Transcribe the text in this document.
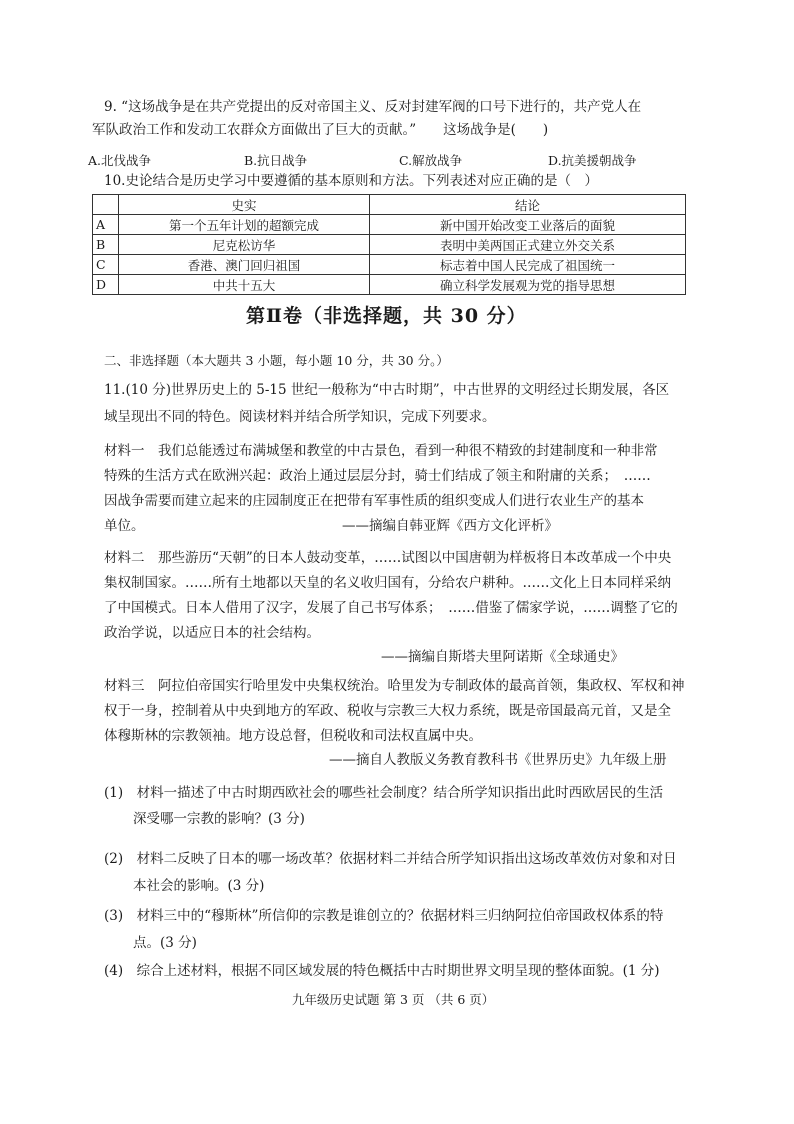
9. “这场战争是在共产党提出的反对帝国主义、反对封建军阀的口号下进行的，共产党人在
军队政治工作和发动工农群众方面做出了巨大的贡献。”　　这场战争是(　　)
A.北伐战争	B.抗日战争	C.解放战争	D.抗美援朝战争
10.史论结合是历史学习中要遵循的基本原则和方法。下列表述对应正确的是（　）
	史实	结论
A	第一个五年计划的超额完成	新中国开始改变工业落后的面貌
B	尼克松访华	表明中美两国正式建立外交关系
C	香港、澳门回归祖国	标志着中国人民完成了祖国统一
D	中共十五大	确立科学发展观为党的指导思想
第Ⅱ卷（非选择题，共 30 分）
二、非选择题（本大题共 3 小题，每小题 10 分，共 30 分。）
11.(10 分)世界历史上的 5-15 世纪一般称为“中古时期”，中古世界的文明经过长期发展，各区
域呈现出不同的特色。阅读材料并结合所学知识，完成下列要求。
材料一　我们总能透过布满城堡和教堂的中古景色，看到一种很不精致的封建制度和一种非常
特殊的生活方式在欧洲兴起：政治上通过层层分封，骑士们结成了领主和附庸的关系；　……
因战争需要而建立起来的庄园制度正在把带有军事性质的组织变成人们进行农业生产的基本
单位。	——摘编自韩亚辉《西方文化评析》
材料二　那些游历“天朝”的日本人鼓动变革，……试图以中国唐朝为样板将日本改革成一个中央
集权制国家。……所有土地都以天皇的名义收归国有，分给农户耕种。……文化上日本同样采纳
了中国模式。日本人借用了汉字，发展了自己书写体系；　……借鉴了儒家学说，……调整了它的
政治学说，以适应日本的社会结构。
——摘编自斯塔夫里阿诺斯《全球通史》
材料三　阿拉伯帝国实行哈里发中央集权统治。哈里发为专制政体的最高首领，集政权、军权和神
权于一身，控制着从中央到地方的军政、税收与宗教三大权力系统，既是帝国最高元首，又是全
体穆斯林的宗教领袖。地方设总督，但税收和司法权直属中央。
——摘自人教版义务教育教科书《世界历史》九年级上册
(1)　材料一描述了中古时期西欧社会的哪些社会制度？结合所学知识指出此时西欧居民的生活
深受哪一宗教的影响？(3 分)
(2)　材料二反映了日本的哪一场改革？依据材料二并结合所学知识指出这场改革效仿对象和对日
本社会的影响。(3 分)
(3)　材料三中的“穆斯林”所信仰的宗教是谁创立的？依据材料三归纳阿拉伯帝国政权体系的特
点。(3 分)
(4)　综合上述材料，根据不同区域发展的特色概括中古时期世界文明呈现的整体面貌。(1 分)
九年级历史试题 第 3 页 （共 6 页）
